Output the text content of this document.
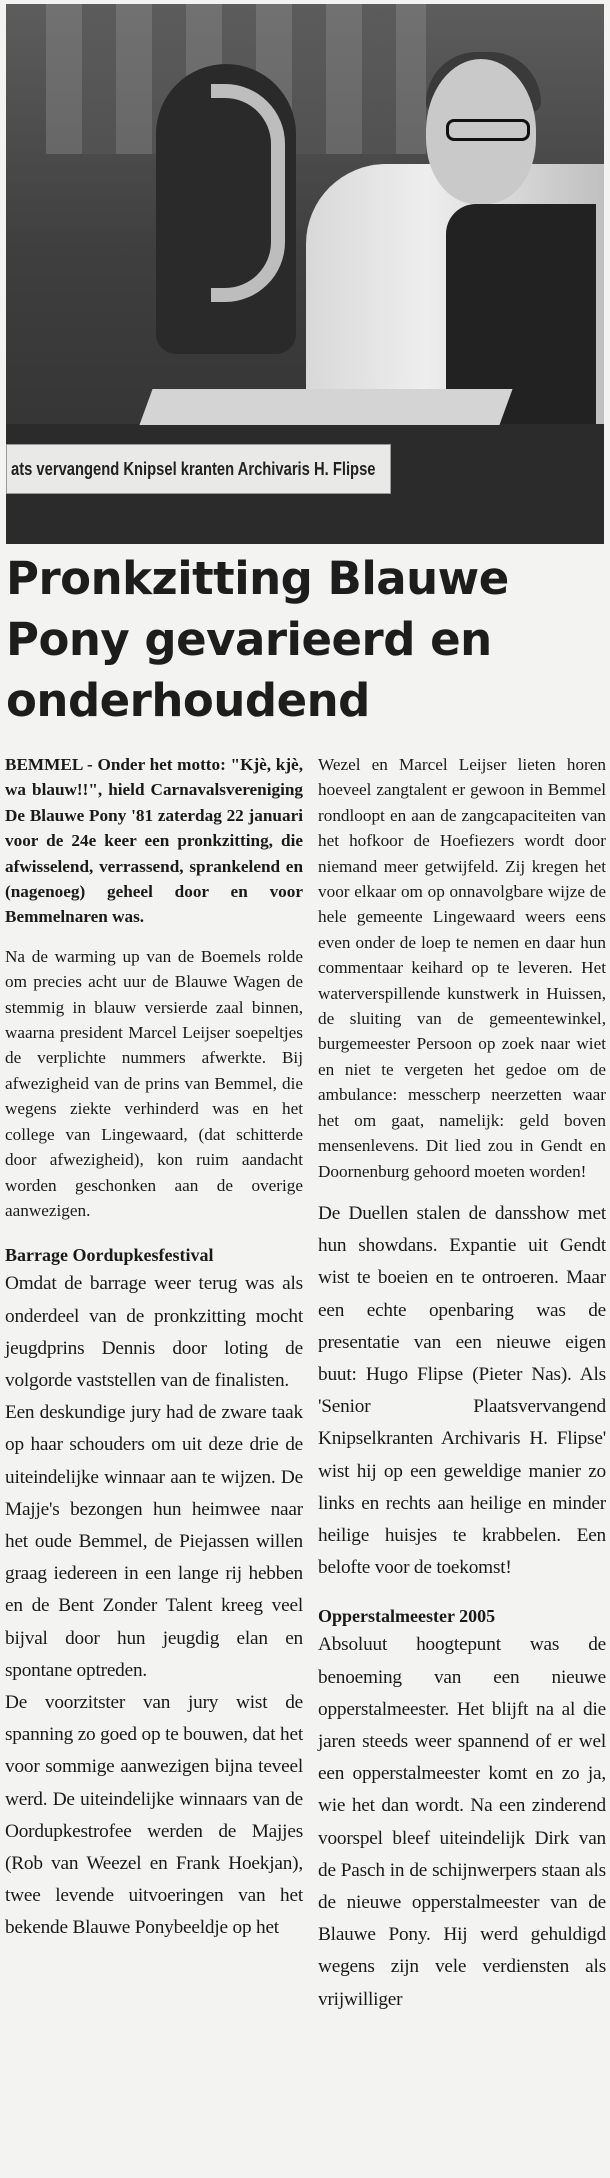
ats vervangend Knipsel kranten Archivaris H. Flipse
Pronkzitting Blauwe Pony gevarieerd en onderhoudend

BEMMEL - Onder het motto: "Kjè, kjè, wa blauw!!", hield Carnavalsvereniging De Blauwe Pony '81 zaterdag 22 januari voor de 24e keer een pronkzitting, die afwisselend, verrassend, sprankelend en (nagenoeg) geheel door en voor Bemmelnaren was.

Na de warming up van de Boemels rolde om precies acht uur de Blauwe Wagen de stemmig in blauw versierde zaal binnen, waarna president Marcel Leijser soepeltjes de verplichte nummers afwerkte. Bij afwezigheid van de prins van Bemmel, die wegens ziekte verhinderd was en het college van Lingewaard, (dat schitterde door afwezigheid), kon ruim aandacht worden geschonken aan de overige aanwezigen.

Barrage Oordupkesfestival

Omdat de barrage weer terug was als onderdeel van de pronkzitting mocht jeugdprins Dennis door loting de volgorde vaststellen van de finalisten.

Een deskundige jury had de zware taak op haar schouders om uit deze drie de uiteindelijke winnaar aan te wijzen. De Majje's bezongen hun heimwee naar het oude Bemmel, de Piejassen willen graag iedereen in een lange rij hebben en de Bent Zonder Talent kreeg veel bijval door hun jeugdig elan en spontane optreden.

De voorzitster van jury wist de spanning zo goed op te bouwen, dat het voor sommige aanwezigen bijna teveel werd. De uiteindelijke winnaars van de Oordupkestrofee werden de Majjes (Rob van Weezel en Frank Hoekjan), twee levende uitvoeringen van het bekende Blauwe Ponybeeldje op het

Wezel en Marcel Leijser lieten horen hoeveel zangtalent er gewoon in Bemmel rondloopt en aan de zangcapaciteiten van het hofkoor de Hoefiezers wordt door niemand meer getwijfeld. Zij kregen het voor elkaar om op onnavolgbare wijze de hele gemeente Lingewaard weers eens even onder de loep te nemen en daar hun commentaar keihard op te leveren. Het waterverspillende kunstwerk in Huissen, de sluiting van de gemeentewinkel, burgemeester Persoon op zoek naar wiet en niet te vergeten het gedoe om de ambulance: messcherp neerzetten waar het om gaat, namelijk: geld boven mensenlevens. Dit lied zou in Gendt en Doornenburg gehoord moeten worden!

De Duellen stalen de dansshow met hun showdans. Expantie uit Gendt wist te boeien en te ontroeren. Maar een echte openbaring was de presentatie van een nieuwe eigen buut: Hugo Flipse (Pieter Nas). Als 'Senior Plaatsvervangend Knipselkranten Archivaris H. Flipse' wist hij op een geweldige manier zo links en rechts aan heilige en minder heilige huisjes te krabbelen. Een belofte voor de toekomst!

Opperstalmeester 2005

Absoluut hoogtepunt was de benoeming van een nieuwe opperstalmeester. Het blijft na al die jaren steeds weer spannend of er wel een opperstalmeester komt en zo ja, wie het dan wordt. Na een zinderend voorspel bleef uiteindelijk Dirk van de Pasch in de schijnwerpers staan als de nieuwe opperstalmeester van de Blauwe Pony. Hij werd gehuldigd wegens zijn vele verdiensten als vrijwilliger
